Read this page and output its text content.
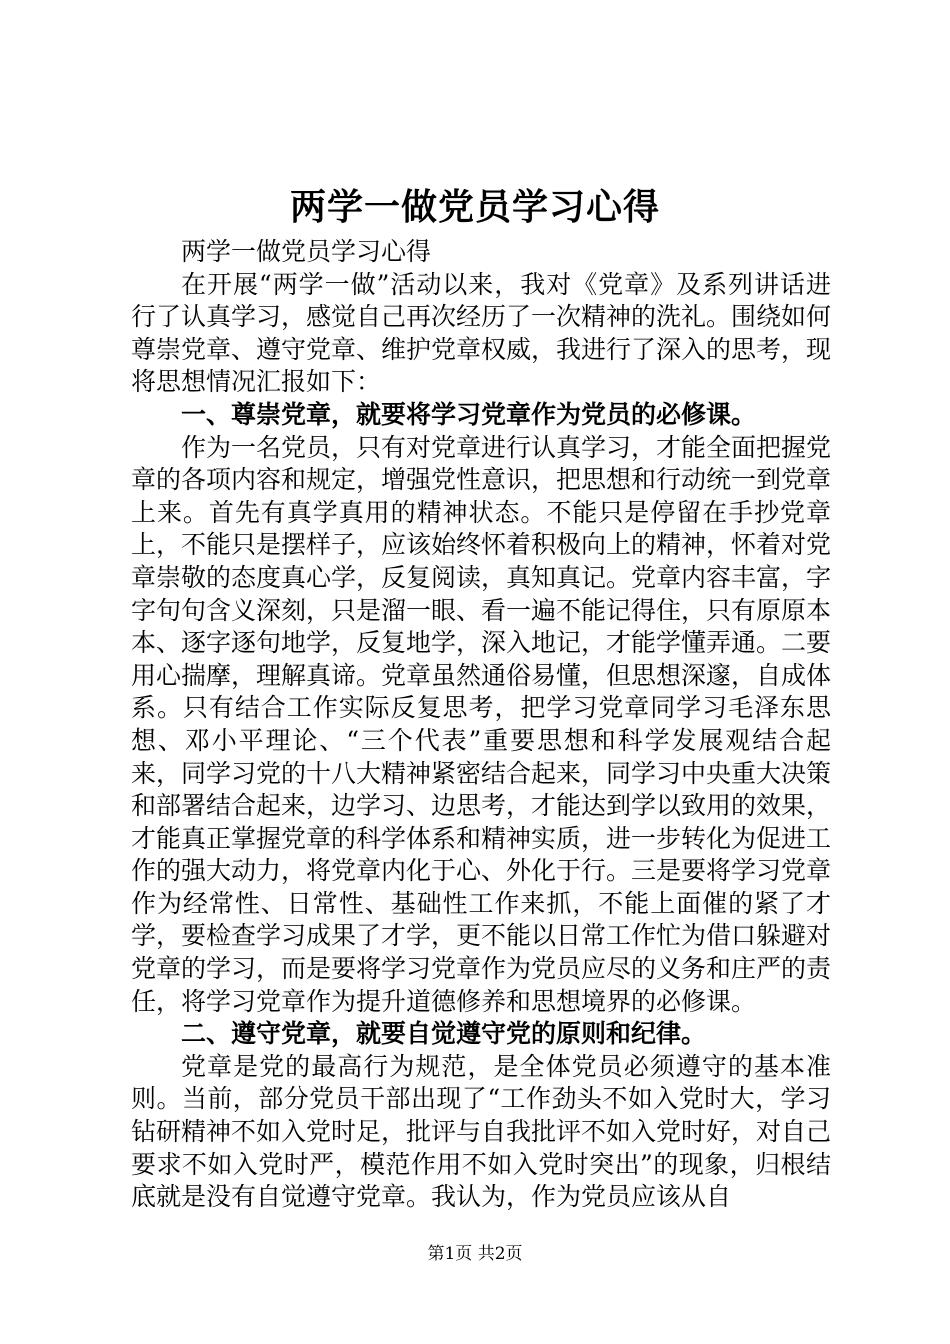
两学一做党员学习心得

两学一做党员学习心得

在开展“两学一做”活动以来，我对《党章》及系列讲话进行了认真学习，感觉自己再次经历了一次精神的洗礼。围绕如何尊崇党章、遵守党章、维护党章权威，我进行了深入的思考，现将思想情况汇报如下：

一、尊崇党章，就要将学习党章作为党员的必修课。

作为一名党员，只有对党章进行认真学习，才能全面把握党章的各项内容和规定，增强党性意识，把思想和行动统一到党章上来。首先有真学真用的精神状态。不能只是停留在手抄党章上，不能只是摆样子，应该始终怀着积极向上的精神，怀着对党章崇敬的态度真心学，反复阅读，真知真记。党章内容丰富，字字句句含义深刻，只是溜一眼、看一遍不能记得住，只有原原本本、逐字逐句地学，反复地学，深入地记，才能学懂弄通。二要用心揣摩，理解真谛。党章虽然通俗易懂，但思想深邃，自成体系。只有结合工作实际反复思考，把学习党章同学习毛泽东思想、邓小平理论、“三个代表”重要思想和科学发展观结合起来，同学习党的十八大精神紧密结合起来，同学习中央重大决策和部署结合起来，边学习、边思考，才能达到学以致用的效果，才能真正掌握党章的科学体系和精神实质，进一步转化为促进工作的强大动力，将党章内化于心、外化于行。三是要将学习党章作为经常性、日常性、基础性工作来抓，不能上面催的紧了才学，要检查学习成果了才学，更不能以日常工作忙为借口躲避对党章的学习，而是要将学习党章作为党员应尽的义务和庄严的责任，将学习党章作为提升道德修养和思想境界的必修课。

二、遵守党章，就要自觉遵守党的原则和纪律。

党章是党的最高行为规范，是全体党员必须遵守的基本准则。当前，部分党员干部出现了“工作劲头不如入党时大，学习钻研精神不如入党时足，批评与自我批评不如入党时好，对自己要求不如入党时严，模范作用不如入党时突出”的现象，归根结底就是没有自觉遵守党章。我认为，作为党员应该从自

第1页 共2页
